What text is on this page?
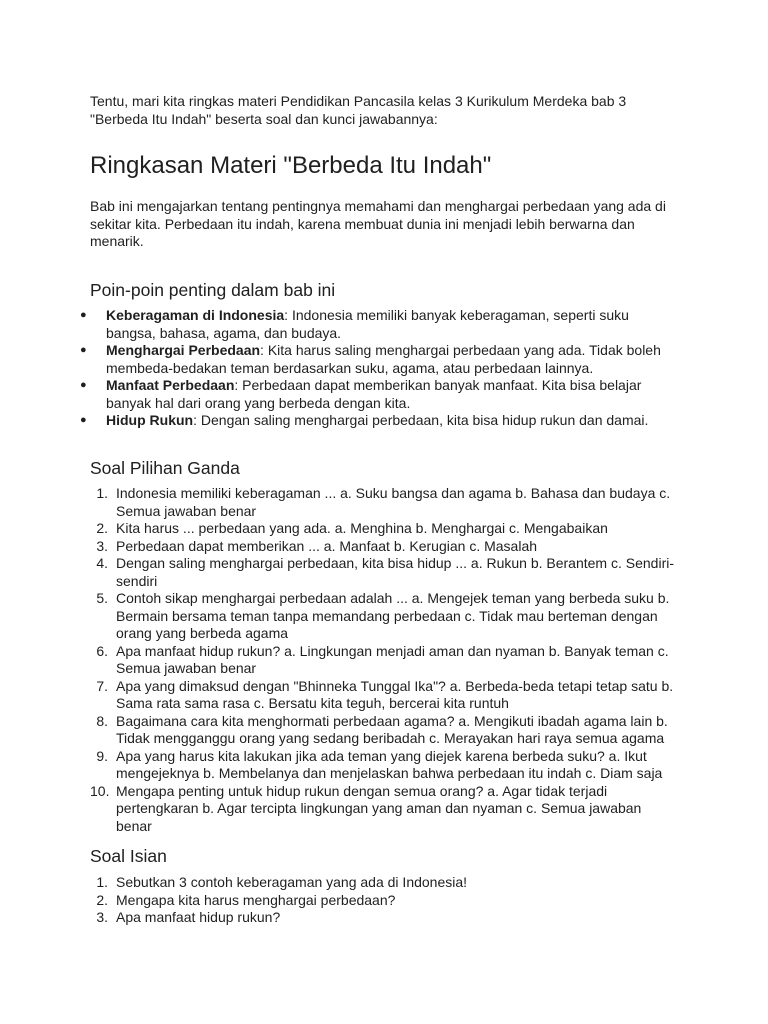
Tentu, mari kita ringkas materi Pendidikan Pancasila kelas 3 Kurikulum Merdeka bab 3 "Berbeda Itu Indah" beserta soal dan kunci jawabannya:
Ringkasan Materi "Berbeda Itu Indah"
Bab ini mengajarkan tentang pentingnya memahami dan menghargai perbedaan yang ada di sekitar kita. Perbedaan itu indah, karena membuat dunia ini menjadi lebih berwarna dan menarik.
Poin-poin penting dalam bab ini
● Keberagaman di Indonesia: Indonesia memiliki banyak keberagaman, seperti suku bangsa, bahasa, agama, dan budaya.
● Menghargai Perbedaan: Kita harus saling menghargai perbedaan yang ada. Tidak boleh membeda-bedakan teman berdasarkan suku, agama, atau perbedaan lainnya.
● Manfaat Perbedaan: Perbedaan dapat memberikan banyak manfaat. Kita bisa belajar banyak hal dari orang yang berbeda dengan kita.
● Hidup Rukun: Dengan saling menghargai perbedaan, kita bisa hidup rukun dan damai.
Soal Pilihan Ganda
1. Indonesia memiliki keberagaman ... a. Suku bangsa dan agama b. Bahasa dan budaya c. Semua jawaban benar
2. Kita harus ... perbedaan yang ada. a. Menghina b. Menghargai c. Mengabaikan
3. Perbedaan dapat memberikan ... a. Manfaat b. Kerugian c. Masalah
4. Dengan saling menghargai perbedaan, kita bisa hidup ... a. Rukun b. Berantem c. Sendiri-sendiri
5. Contoh sikap menghargai perbedaan adalah ... a. Mengejek teman yang berbeda suku b. Bermain bersama teman tanpa memandang perbedaan c. Tidak mau berteman dengan orang yang berbeda agama
6. Apa manfaat hidup rukun? a. Lingkungan menjadi aman dan nyaman b. Banyak teman c. Semua jawaban benar
7. Apa yang dimaksud dengan "Bhinneka Tunggal Ika"? a. Berbeda-beda tetapi tetap satu b. Sama rata sama rasa c. Bersatu kita teguh, bercerai kita runtuh
8. Bagaimana cara kita menghormati perbedaan agama? a. Mengikuti ibadah agama lain b. Tidak mengganggu orang yang sedang beribadah c. Merayakan hari raya semua agama
9. Apa yang harus kita lakukan jika ada teman yang diejek karena berbeda suku? a. Ikut mengejeknya b. Membelanya dan menjelaskan bahwa perbedaan itu indah c. Diam saja
10. Mengapa penting untuk hidup rukun dengan semua orang? a. Agar tidak terjadi pertengkaran b. Agar tercipta lingkungan yang aman dan nyaman c. Semua jawaban benar
Soal Isian
1. Sebutkan 3 contoh keberagaman yang ada di Indonesia!
2. Mengapa kita harus menghargai perbedaan?
3. Apa manfaat hidup rukun?
